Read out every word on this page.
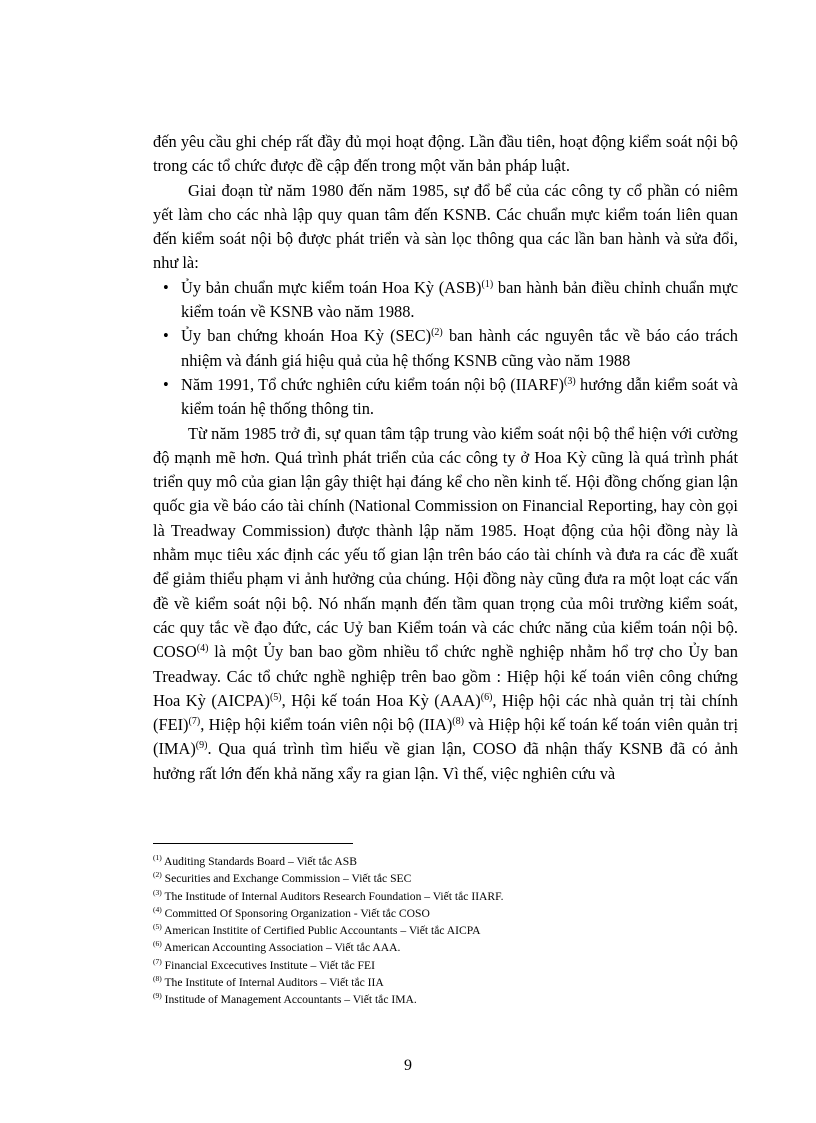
đến yêu cầu ghi chép rất đầy đủ mọi hoạt động. Lần đầu tiên, hoạt động kiểm soát nội bộ trong các tổ chức được đề cập đến trong một văn bản pháp luật.

Giai đoạn từ năm 1980 đến năm 1985, sự đổ bể của các công ty cổ phần có niêm yết làm cho các nhà lập quy quan tâm đến KSNB. Các chuẩn mực kiểm toán liên quan đến kiểm soát nội bộ được phát triển và sàn lọc thông qua các lần ban hành và sửa đổi, như là:

• Ủy bản chuẩn mực kiểm toán Hoa Kỳ (ASB)$^{(1)}$ ban hành bản điều chỉnh chuẩn mực kiểm toán về KSNB vào năm 1988.

• Ủy ban chứng khoán Hoa Kỳ (SEC)$^{(2)}$ ban hành các nguyên tắc về báo cáo trách nhiệm và đánh giá hiệu quả của hệ thống KSNB cũng vào năm 1988

• Năm 1991, Tổ chức nghiên cứu kiểm toán nội bộ (IIARF)$^{(3)}$ hướng dẫn kiểm soát và kiểm toán hệ thống thông tin.

Từ năm 1985 trở đi, sự quan tâm tập trung vào kiểm soát nội bộ thể hiện với cường độ mạnh mẽ hơn. Quá trình phát triển của các công ty ở Hoa Kỳ cũng là quá trình phát triển quy mô của gian lận gây thiệt hại đáng kể cho nền kinh tế. Hội đồng chống gian lận quốc gia về báo cáo tài chính (National Commission on Financial Reporting, hay còn gọi là Treadway Commission) được thành lập năm 1985. Hoạt động của hội đồng này là nhằm mục tiêu xác định các yếu tố gian lận trên báo cáo tài chính và đưa ra các đề xuất để giảm thiểu phạm vi ảnh hưởng của chúng. Hội đồng này cũng đưa ra một loạt các vấn đề về kiểm soát nội bộ. Nó nhấn mạnh đến tầm quan trọng của môi trường kiểm soát, các quy tắc về đạo đức, các Uỷ ban Kiểm toán và các chức năng của kiểm toán nội bộ. COSO$^{(4)}$ là một Ủy ban bao gồm nhiều tổ chức nghề nghiệp nhằm hổ trợ cho Ủy ban Treadway. Các tổ chức nghề nghiệp trên bao gồm : Hiệp hội kế toán viên công chứng Hoa Kỳ (AICPA)$^{(5)}$, Hội kế toán Hoa Kỳ (AAA)$^{(6)}$, Hiệp hội các nhà quản trị tài chính (FEI)$^{(7)}$, Hiệp hội kiểm toán viên nội bộ (IIA)$^{(8)}$ và Hiệp hội kế toán kế toán viên quản trị (IMA)$^{(9)}$. Qua quá trình tìm hiểu về gian lận, COSO đã nhận thấy KSNB đã có ảnh hưởng rất lớn đến khả năng xẩy ra gian lận. Vì thế, việc nghiên cứu và

$^{(1)}$ Auditing Standards Board – Viết tắc ASB
$^{(2)}$ Securities and Exchange Commission – Viết tắc SEC
$^{(3)}$ The Institude of Internal Auditors Research Foundation – Viết tắc IIARF.
$^{(4)}$ Committed Of Sponsoring Organization - Viết tắc COSO
$^{(5)}$ American Institite of Certified Public Accountants – Viết tắc AICPA
$^{(6)}$ American Accounting Association – Viết tắc AAA.
$^{(7)}$ Financial Excecutives Institute – Viết tắc FEI
$^{(8)}$ The Institute of Internal Auditors – Viết tắc IIA
$^{(9)}$ Institude of Management Accountants – Viết tắc IMA.
9
